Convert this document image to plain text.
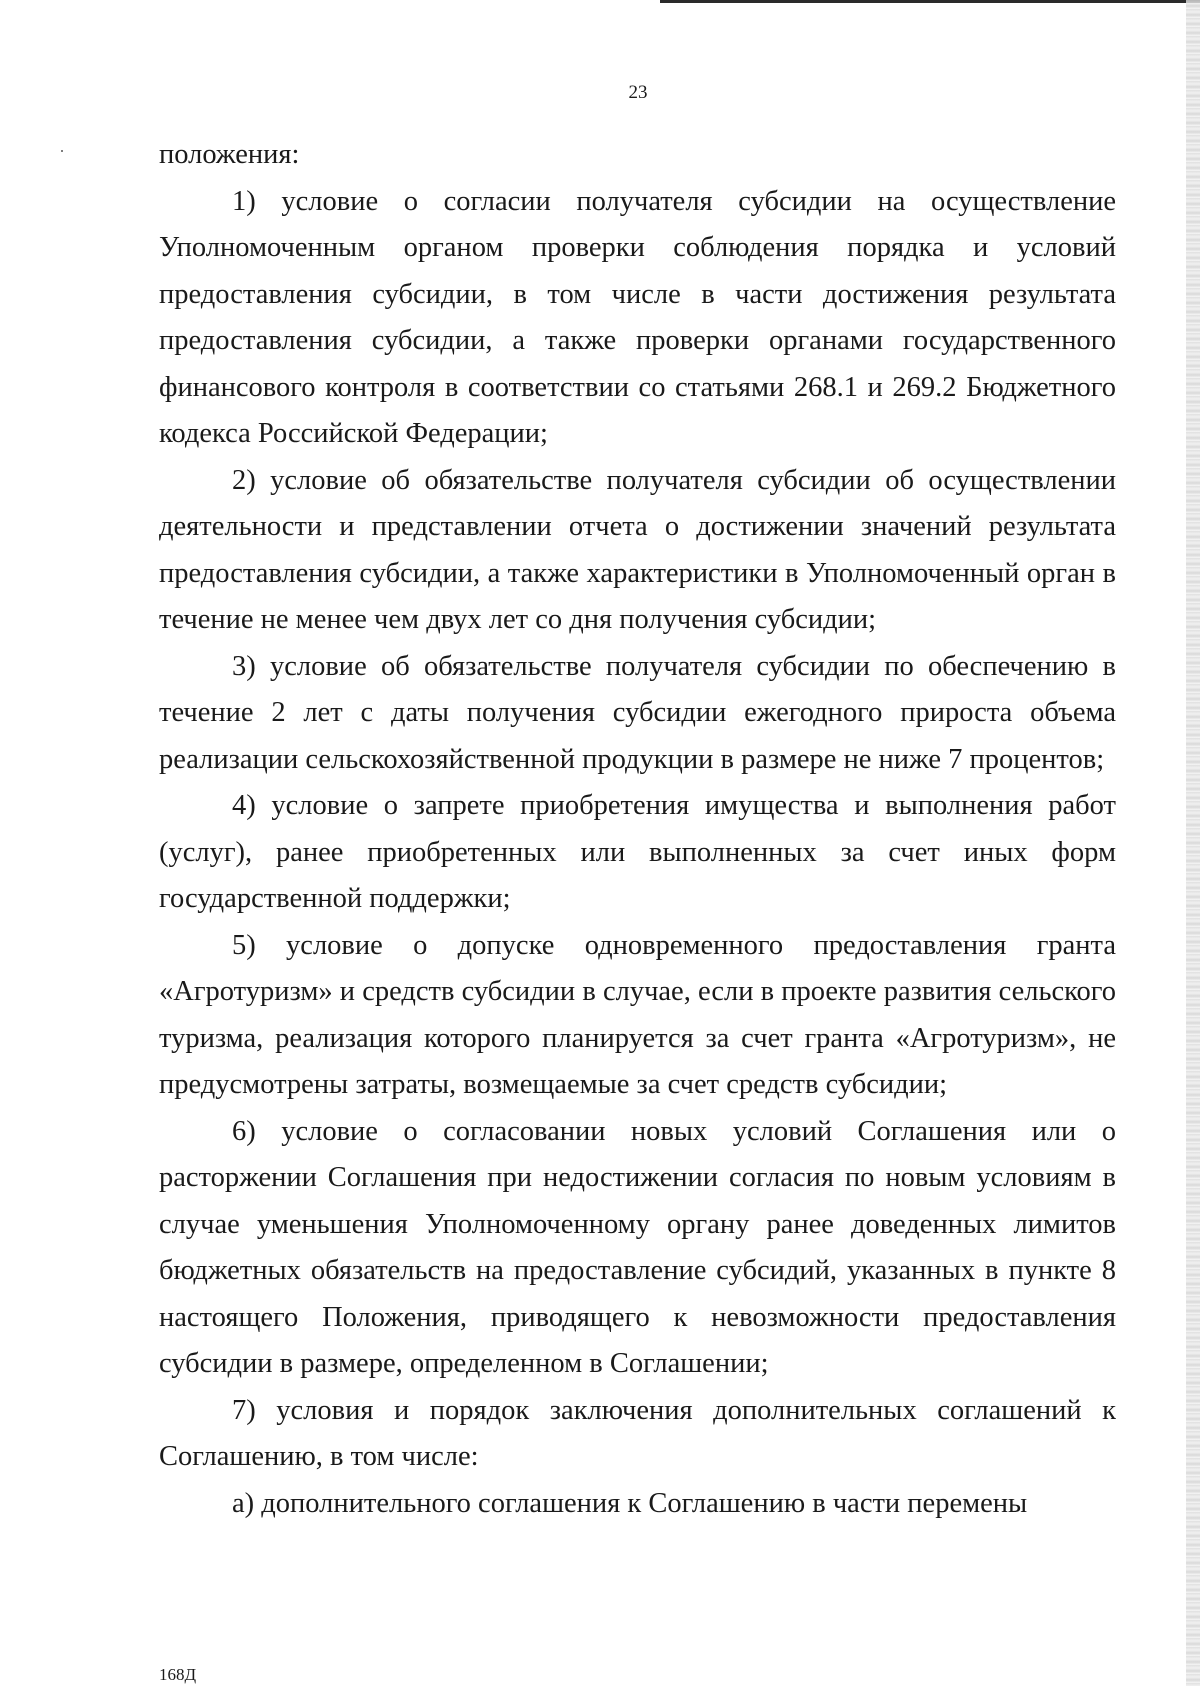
23

положения:

1) условие о согласии получателя субсидии на осуществление Уполномоченным органом проверки соблюдения порядка и условий предоставления субсидии, в том числе в части достижения результата предоставления субсидии, а также проверки органами государственного финансового контроля в соответствии со статьями 268.1 и 269.2 Бюджетного кодекса Российской Федерации;

2) условие об обязательстве получателя субсидии об осуществлении деятельности и представлении отчета о достижении значений результата предоставления субсидии, а также характеристики в Уполномоченный орган в течение не менее чем двух лет со дня получения субсидии;

3) условие об обязательстве получателя субсидии по обеспечению в течение 2 лет с даты получения субсидии ежегодного прироста объема реализации сельскохозяйственной продукции в размере не ниже 7 процентов;

4) условие о запрете приобретения имущества и выполнения работ (услуг), ранее приобретенных или выполненных за счет иных форм государственной поддержки;

5) условие о допуске одновременного предоставления гранта «Агротуризм» и средств субсидии в случае, если в проекте развития сельского туризма, реализация которого планируется за счет гранта «Агротуризм», не предусмотрены затраты, возмещаемые за счет средств субсидии;

6) условие о согласовании новых условий Соглашения или о расторжении Соглашения при недостижении согласия по новым условиям в случае уменьшения Уполномоченному органу ранее доведенных лимитов бюджетных обязательств на предоставление субсидий, указанных в пункте 8 настоящего Положения, приводящего к невозможности предоставления субсидии в размере, определенном в Соглашении;

7) условия и порядок заключения дополнительных соглашений к Соглашению, в том числе:

а) дополнительного соглашения к Соглашению в части перемены

168Д
